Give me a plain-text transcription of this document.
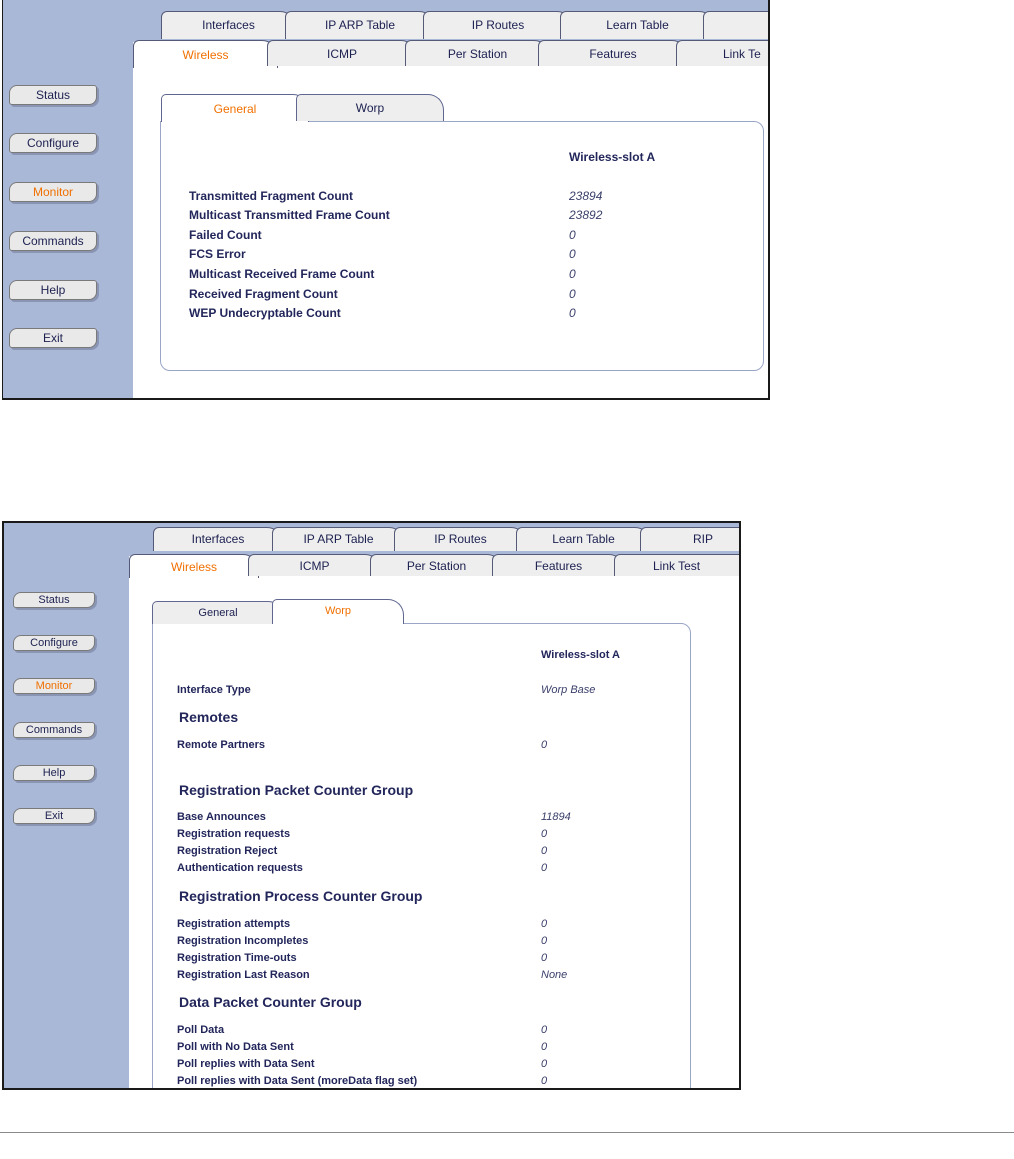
Interfaces	IP ARP Table	IP Routes	Learn Table
Wireless	ICMP	Per Station	Features	Link Te
Status
Configure
Monitor
Commands
Help
Exit
General	Worp
Wireless-slot A
Transmitted Fragment Count	23894
Multicast Transmitted Frame Count	23892
Failed Count	0
FCS Error	0
Multicast Received Frame Count	0
Received Fragment Count	0
WEP Undecryptable Count	0
Interfaces	IP ARP Table	IP Routes	Learn Table	RIP
Wireless	ICMP	Per Station	Features	Link Test
Status
Configure
Monitor
Commands
Help
Exit
General	Worp
Wireless-slot A
Interface Type	Worp Base
Remotes
Remote Partners	0
Registration Packet Counter Group
Base Announces	11894
Registration requests	0
Registration Reject	0
Authentication requests	0
Registration Process Counter Group
Registration attempts	0
Registration Incompletes	0
Registration Time-outs	0
Registration Last Reason	None
Data Packet Counter Group
Poll Data	0
Poll with No Data Sent	0
Poll replies with Data Sent	0
Poll replies with Data Sent (moreData flag set)	0
